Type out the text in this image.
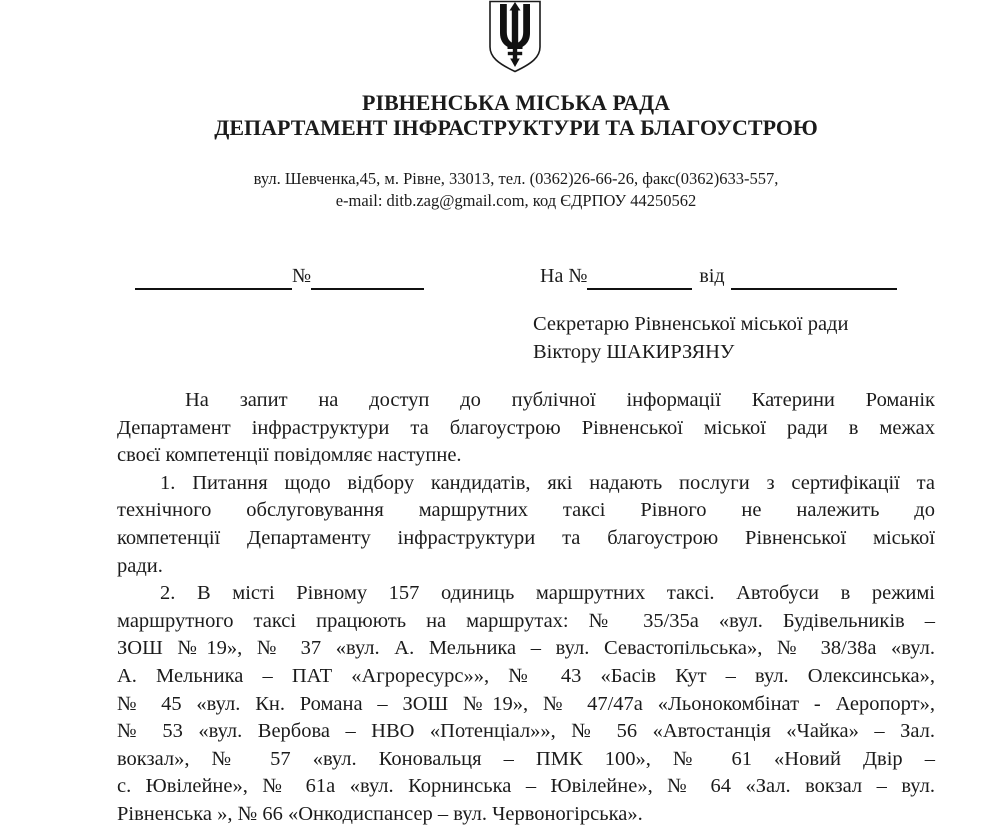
РІВНЕНСЬКА МІСЬКА РАДА
ДЕПАРТАМЕНТ ІНФРАСТРУКТУРИ ТА БЛАГОУСТРОЮ
вул. Шевченка,45, м. Рівне, 33013, тел. (0362)26-66-26, факс(0362)633-557,
e-mail: ditb.zag@gmail.com, код ЄДРПОУ 44250562
№	На №	від
Секретарю Рівненської міської ради
Віктору ШАКИРЗЯНУ
На запит на доступ до публічної інформації Катерини Романік
Департамент інфраструктури та благоустрою Рівненської міської ради в межах
своєї компетенції повідомляє наступне.
1. Питання щодо відбору кандидатів, які надають послуги з сертифікації та
технічного обслуговування маршрутних таксі Рівного не належить до
компетенції Департаменту інфраструктури та благоустрою Рівненської міської
ради.
2. В місті Рівному 157 одиниць маршрутних таксі. Автобуси в режимі
маршрутного таксі працюють на маршрутах: № 35/35а «вул. Будівельників –
ЗОШ №19», № 37 «вул. А. Мельника – вул. Севастопільська», № 38/38а «вул.
А. Мельника – ПАТ «Агроресурс»», № 43 «Басів Кут – вул. Олексинська»,
№ 45 «вул. Кн. Романа – ЗОШ №19», № 47/47а «Льонокомбінат - Аеропорт»,
№ 53 «вул. Вербова – НВО «Потенціал»», № 56 «Автостанція «Чайка» – Зал.
вокзал», № 57 «вул. Коновальця – ПМК 100», № 61 «Новий Двір –
с. Ювілейне», № 61а «вул. Корнинська – Ювілейне», № 64 «Зал. вокзал – вул.
Рівненська », № 66 «Онкодиспансер – вул. Червоногірська».
